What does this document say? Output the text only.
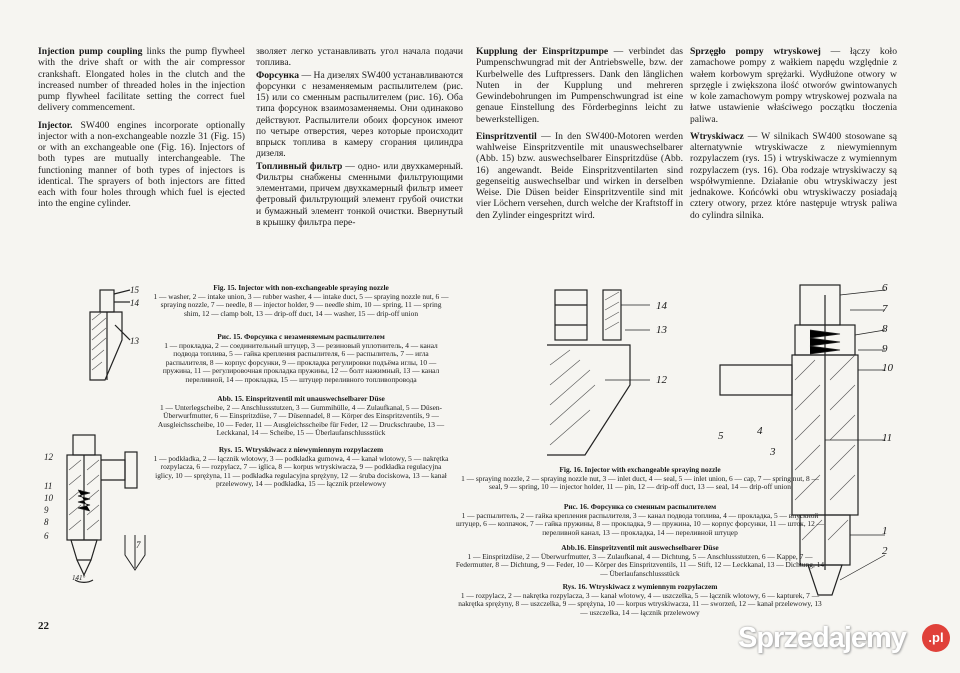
Injection pump coupling links the pump flywheel with the drive shaft or with the air compressor crankshaft. Elongated holes in the clutch and the increased number of threaded holes in the injection pump flywheel facilitate setting the correct fuel delivery commencement.

Injector. SW400 engines incorporate optionally injector with a non-exchangeable nozzle 31 (Fig. 15) or with an exchangeable one (Fig. 16). Injectors of both types are mutually interchangeable. The functioning manner of both types of injectors is identical. The sprayers of both injectors are fitted each with four holes through which fuel is ejected into the engine cylinder.

зволяет легко устанавливать угол начала подачи топлива.

Форсунка — На дизелях SW400 устанавливаются форсунки с незаменяемым распылителем (рис. 15) или со сменным распылителем (рис. 16). Оба типа форсунок взаимозаменяемы. Они одинаково действуют. Распылители обоих форсунок имеют по четыре отверстия, через которые происходит впрыск топлива в камеру сгорания цилиндра дизеля.

Топливный фильтр — одно- или двухкамерный. Фильтры снабжены сменными фильтрующими элементами, причем двухкамерный фильтр имеет фетровый фильтрующий элемент грубой очистки и бумажный элемент тонкой очистки. Ввернутый в крышку фильтра пере-

Kupplung der Einspritzpumpe — verbindet das Pumpenschwungrad mit der Antriebswelle, bzw. der Kurbelwelle des Luftpressers. Dank den länglichen Nuten in der Kupplung und mehreren Gewindebohrungen im Pumpenschwungrad ist eine genaue Einstellung des Förderbeginns leicht zu bewerkstelligen.

Einspritzventil — In den SW400-Motoren werden wahlweise Einspritzventile mit unauswechselbarer (Abb. 15) bzw. auswechselbarer Einspritzdüse (Abb. 16) angewandt. Beide Einspritzventilarten sind gegenseitig auswechselbar und wirken in derselben Weise. Die Düsen beider Einspritzventile sind mit vier Löchern versehen, durch welche der Kraftstoff in den Zylinder eingespritzt wird.

Sprzęgło pompy wtryskowej — łączy koło zamachowe pompy z wałkiem napędu względnie z wałem korbowym sprężarki. Wydłużone otwory w sprzęgle i zwiększona ilość otworów gwintowanych w kole zamachowym pompy wtryskowej pozwala na łatwe ustawienie właściwego początku tłoczenia paliwa.

Wtryskiwacz — W silnikach SW400 stosowane są alternatywnie wtryskiwacze z niewymiennym rozpylaczem (rys. 15) i wtryskiwacze z wymiennym rozpylaczem (rys. 16). Oba rodzaje wtryskiwaczy są współwymienne. Działanie obu wtryskiwaczy jest jednakowe. Końcówki obu wtryskiwaczy posiadają cztery otwory, przez które następuje wtrysk paliwa do cylindra silnika.

15
14
13
12
11
10
9
8
6
7
141°
Fig. 15. Injector with non-exchangeable spraying nozzle
1 — washer, 2 — intake union, 3 — rubber washer, 4 — intake duct, 5 — spraying nozzle nut, 6 — spraying nozzle, 7 — needle, 8 — injector holder, 9 — needle shim, 10 — spring, 11 — spring shim, 12 — clamp bolt, 13 — drip-off duct, 14 — washer, 15 — drip-off union
Рис. 15. Форсунка с незаменяемым распылителем
1 — прокладка, 2 — соединительный штуцер, 3 — резиновый уплотнитель, 4 — канал подвода топлива, 5 — гайка крепления распылителя, 6 — распылитель, 7 — игла распылителя, 8 — корпус форсунки, 9 — прокладка регулировки подъёма иглы, 10 — пружина, 11 — регулировочная прокладка пружины, 12 — болт нажимный, 13 — канал переливной, 14 — прокладка, 15 — штуцер переливного топливопровода
Abb. 15. Einspritzventil mit unauswechselbarer Düse
1 — Unterlegscheibe, 2 — Anschlussstutzen, 3 — Gummihülle, 4 — Zulaufkanal, 5 — Düsen-Überwurfmutter, 6 — Einspritzdüse, 7 — Düsennadel, 8 — Körper des Einspritzventils, 9 — Ausgleichsscheibe, 10 — Feder, 11 — Ausgleichsscheibe für Feder, 12 — Druckschraube, 13 — Leckkanal, 14 — Scheibe, 15 — Überlaufanschlussstück
Rys. 15. Wtryskiwacz z niewymiennym rozpylaczem
1 — podkładka, 2 — łącznik wlotowy, 3 — podkładka gumowa, 4 — kanał wlotowy, 5 — nakrętka rozpylacza, 6 — rozpylacz, 7 — iglica, 8 — korpus wtryskiwacza, 9 — podkładka regulacyjna iglicy, 10 — sprężyna, 11 — podkładka regulacyjna sprężyny, 12 — śruba dociskowa, 13 — kanał przelewowy, 14 — podkładka, 15 — łącznik przelewowy
14
13
12
6
7
8
9
10
11
3
1
2
4
5
Fig. 16. Injector with exchangeable spraying nozzle
1 — spraying nozzle, 2 — spraying nozzle nut, 3 — inlet duct, 4 — seal, 5 — inlet union, 6 — cap, 7 — spring nut, 8 — seal, 9 — spring, 10 — injector holder, 11 — pin, 12 — drip-off duct, 13 — seal, 14 — drip-off union
Рис. 16. Форсунка со сменным распылителем
1 — распылитель, 2 — гайка крепления распылителя, 3 — канал подвода топлива, 4 — прокладка, 5 — впускной штуцер, 6 — колпачок, 7 — гайка пружины, 8 — прокладка, 9 — пружина, 10 — корпус форсунки, 11 — шток, 12 — переливной канал, 13 — прокладка, 14 — переливной штуцер
Abb.16. Einspritzventil mit auswechselbarer Düse
1 — Einspritzdüse, 2 — Überwurfmutter, 3 — Zulaufkanal, 4 — Dichtung, 5 — Anschlussstutzen, 6 — Kappe, 7 — Federmutter, 8 — Dichtung, 9 — Feder, 10 — Körper des Einspritzventils, 11 — Stift, 12 — Leckkanal, 13 — Dichtung, 14 — Überlaufanschlussstück
Rys. 16. Wtryskiwacz z wymiennym rozpylaczem
1 — rozpylacz, 2 — nakrętka rozpylacza, 3 — kanał wlotowy, 4 — uszczelka, 5 — łącznik wlotowy, 6 — kapturek, 7 — nakrętka sprężyny, 8 — uszczelka, 9 — sprężyna, 10 — korpus wtryskiwacza, 11 — sworzeń, 12 — kanał przelewowy, 13 — uszczelka, 14 — łącznik przelewowy
22	Sprzedajemy	.pl
